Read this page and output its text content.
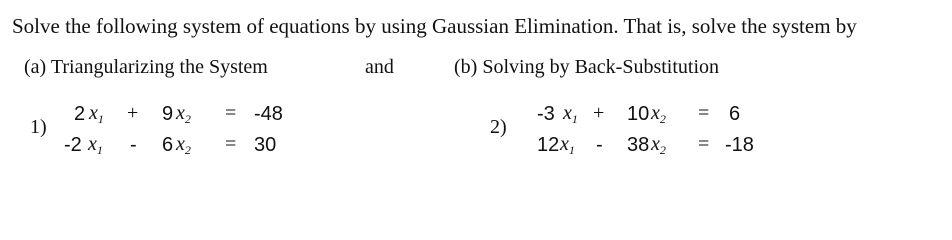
Solve the following system of equations by using Gaussian Elimination. That is, solve the system by
(a) Triangularizing the System	and	(b) Solving by Back-Substitution
1)
2 $x_1 + 9$ $x_2 = -48$
-2 $x_1 - 6$ $x_2 = 30$
2)
-3 $x_1 + 10$ $x_2 = 6$
12 $x_1 - 38$ $x_2 = -18$
